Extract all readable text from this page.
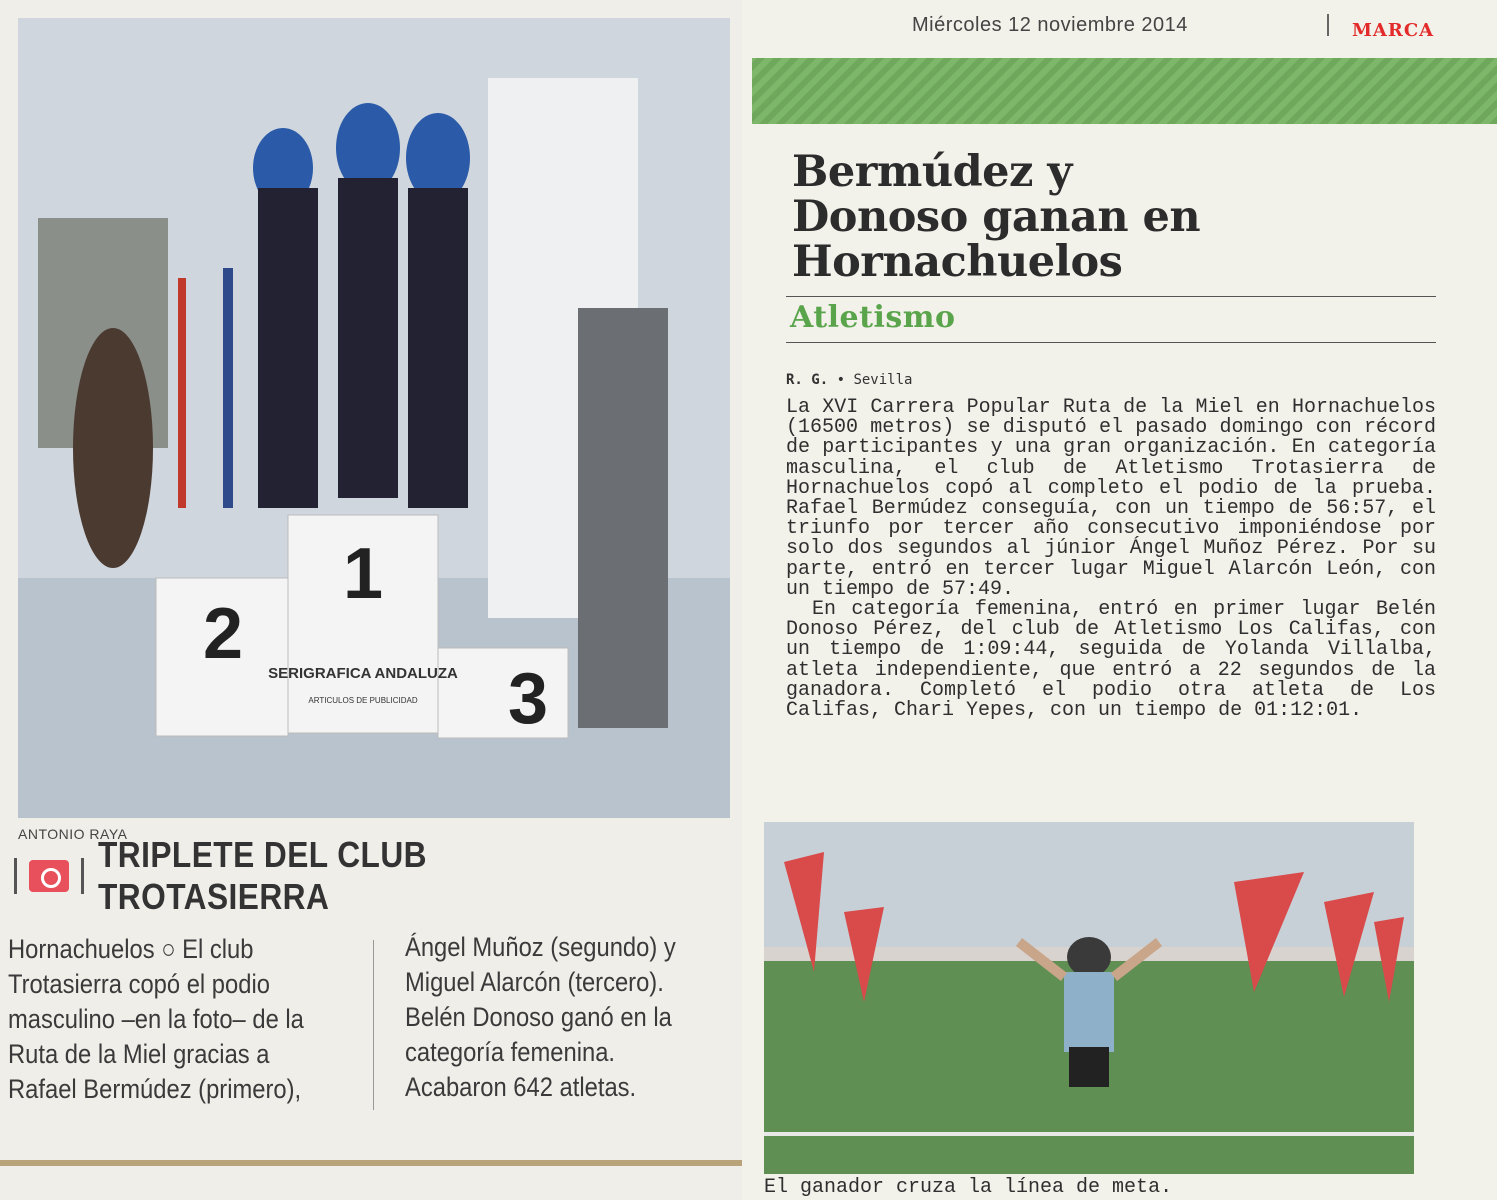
1
2
3
SERIGRAFICA ANDALUZA
ARTICULOS DE PUBLICIDAD
ANTONIO RAYA
TRIPLETE DEL CLUB TROTASIERRA
Hornachuelos ○ El club
Trotasierra copó el podio
masculino –en la foto– de la
Ruta de la Miel gracias a
Rafael Bermúdez (primero),
Ángel Muñoz (segundo) y
Miguel Alarcón (tercero).
Belén Donoso ganó en la
categoría femenina.
Acabaron 642 atletas.
Miércoles 12 noviembre 2014	MARCA
Bermúdez y
Donoso ganan en
Hornachuelos
Atletismo
R. G. • Sevilla

La XVI Carrera Popular Ruta de la Miel en Hornachuelos (16500 metros) se disputó el pasado domingo con récord de participantes y una gran organización. En categoría masculina, el club de Atletismo Trotasierra de Hornachuelos copó al completo el podio de la prueba. Rafael Bermúdez conseguía, con un tiempo de 56:57, el triunfo por tercer año consecutivo imponiéndose por solo dos segundos al júnior Ángel Muñoz Pérez. Por su parte, entró en tercer lugar Miguel Alarcón León, con un tiempo de 57:49.

En categoría femenina, entró en primer lugar Belén Donoso Pérez, del club de Atletismo Los Califas, con un tiempo de 1:09:44, seguida de Yolanda Villalba, atleta independiente, que entró a 22 segundos de la ganadora. Completó el podio otra atleta de Los Califas, Chari Yepes, con un tiempo de 01:12:01.

El ganador cruza la línea de meta.
